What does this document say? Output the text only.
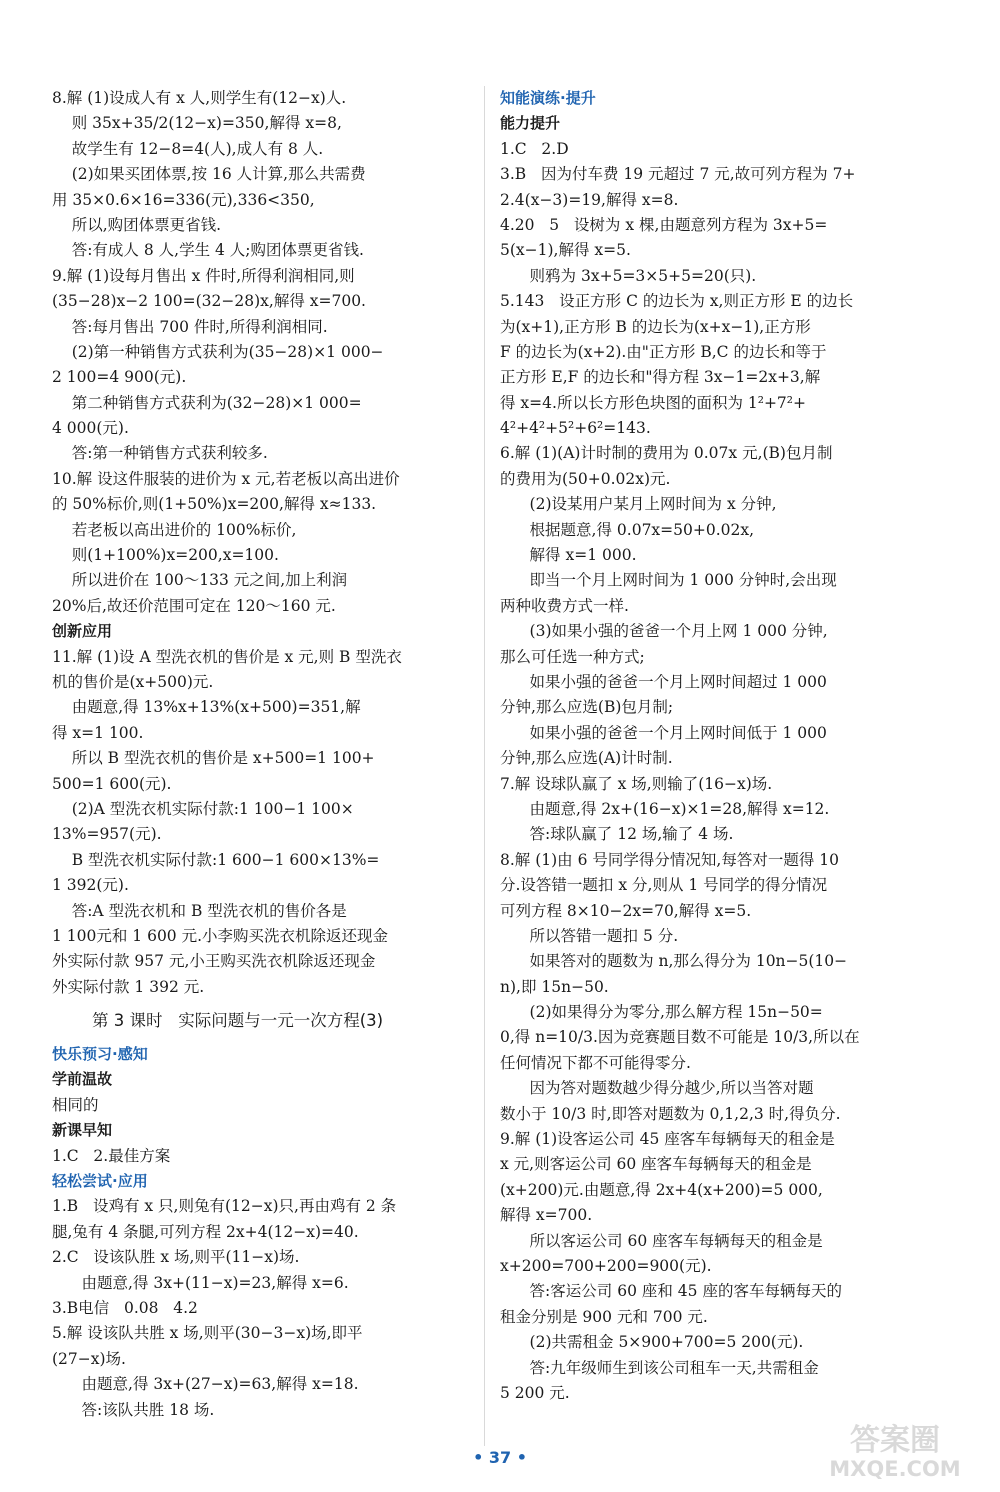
8.解 (1)设成人有 x 人,则学生有(12−x)人.
则 35x+35/2(12−x)=350,解得 x=8,
故学生有 12−8=4(人),成人有 8 人.
(2)如果买团体票,按 16 人计算,那么共需费
用 35×0.6×16=336(元),336<350,
所以,购团体票更省钱.
答:有成人 8 人,学生 4 人;购团体票更省钱.
9.解 (1)设每月售出 x 件时,所得利润相同,则
(35−28)x−2 100=(32−28)x,解得 x=700.
答:每月售出 700 件时,所得利润相同.
(2)第一种销售方式获利为(35−28)×1 000−
2 100=4 900(元).
第二种销售方式获利为(32−28)×1 000=
4 000(元).
答:第一种销售方式获利较多.
10.解 设这件服装的进价为 x 元,若老板以高出进价
的 50%标价,则(1+50%)x=200,解得 x≈133.
若老板以高出进价的 100%标价,
则(1+100%)x=200,x=100.
所以进价在 100～133 元之间,加上利润
20%后,故还价范围可定在 120～160 元.
创新应用
11.解 (1)设 A 型洗衣机的售价是 x 元,则 B 型洗衣
机的售价是(x+500)元.
由题意,得 13%x+13%(x+500)=351,解
得 x=1 100.
所以 B 型洗衣机的售价是 x+500=1 100+
500=1 600(元).
(2)A 型洗衣机实际付款:1 100−1 100×
13%=957(元).
B 型洗衣机实际付款:1 600−1 600×13%=
1 392(元).
答:A 型洗衣机和 B 型洗衣机的售价各是
1 100元和 1 600 元.小李购买洗衣机除返还现金
外实际付款 957 元,小王购买洗衣机除返还现金
外实际付款 1 392 元.
第 3 课时   实际问题与一元一次方程(3)
快乐预习·感知
学前温故
相同的
新课早知
1.C   2.最佳方案
轻松尝试·应用
1.B   设鸡有 x 只,则兔有(12−x)只,再由鸡有 2 条
腿,兔有 4 条腿,可列方程 2x+4(12−x)=40.
2.C   设该队胜 x 场,则平(11−x)场.
由题意,得 3x+(11−x)=23,解得 x=6.
3.B电信   0.08   4.2
5.解 设该队共胜 x 场,则平(30−3−x)场,即平
(27−x)场.
由题意,得 3x+(27−x)=63,解得 x=18.
答:该队共胜 18 场.
知能演练·提升
能力提升
1.C   2.D
3.B   因为付车费 19 元超过 7 元,故可列方程为 7+
2.4(x−3)=19,解得 x=8.
4.20   5   设树为 x 棵,由题意列方程为 3x+5=
5(x−1),解得 x=5.
则鸦为 3x+5=3×5+5=20(只).
5.143   设正方形 C 的边长为 x,则正方形 E 的边长
为(x+1),正方形 B 的边长为(x+x−1),正方形
F 的边长为(x+2).由"正方形 B,C 的边长和等于
正方形 E,F 的边长和"得方程 3x−1=2x+3,解
得 x=4.所以长方形色块图的面积为 1²+7²+
4²+4²+5²+6²=143.
6.解 (1)(A)计时制的费用为 0.07x 元,(B)包月制
的费用为(50+0.02x)元.
(2)设某用户某月上网时间为 x 分钟,
根据题意,得 0.07x=50+0.02x,
解得 x=1 000.
即当一个月上网时间为 1 000 分钟时,会出现
两种收费方式一样.
(3)如果小强的爸爸一个月上网 1 000 分钟,
那么可任选一种方式;
如果小强的爸爸一个月上网时间超过 1 000
分钟,那么应选(B)包月制;
如果小强的爸爸一个月上网时间低于 1 000
分钟,那么应选(A)计时制.
7.解 设球队赢了 x 场,则输了(16−x)场.
由题意,得 2x+(16−x)×1=28,解得 x=12.
答:球队赢了 12 场,输了 4 场.
8.解 (1)由 6 号同学得分情况知,每答对一题得 10
分.设答错一题扣 x 分,则从 1 号同学的得分情况
可列方程 8×10−2x=70,解得 x=5.
所以答错一题扣 5 分.
如果答对的题数为 n,那么得分为 10n−5(10−
n),即 15n−50.
(2)如果得分为零分,那么解方程 15n−50=
0,得 n=10/3.因为竞赛题目数不可能是 10/3,所以在
任何情况下都不可能得零分.
因为答对题数越少得分越少,所以当答对题
数小于 10/3 时,即答对题数为 0,1,2,3 时,得负分.
9.解 (1)设客运公司 45 座客车每辆每天的租金是
x 元,则客运公司 60 座客车每辆每天的租金是
(x+200)元.由题意,得 2x+4(x+200)=5 000,
解得 x=700.
所以客运公司 60 座客车每辆每天的租金是
x+200=700+200=900(元).
答:客运公司 60 座和 45 座的客车每辆每天的
租金分别是 900 元和 700 元.
(2)共需租金 5×900+700=5 200(元).
答:九年级师生到该公司租车一天,共需租金
5 200 元.
• 37 •	答案圈
MXQE.COM
